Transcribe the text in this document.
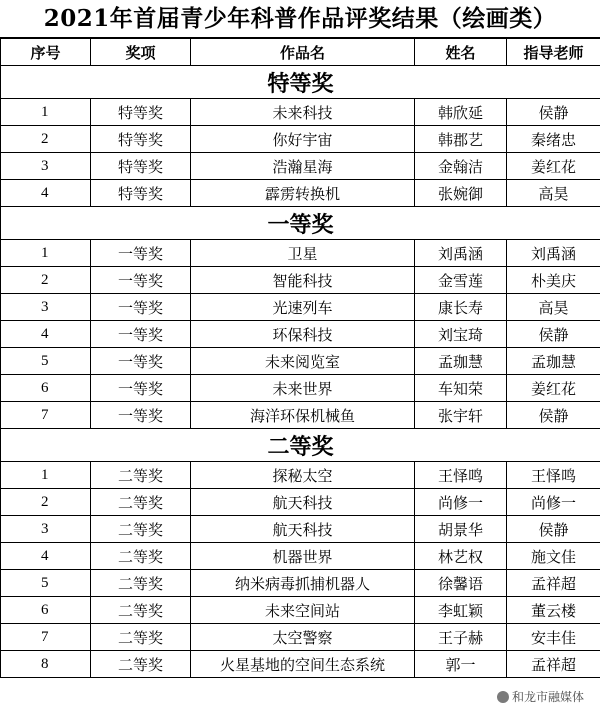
2021年首届青少年科普作品评奖结果（绘画类）
序号	奖项	作品名	姓名	指导老师
特等奖				
1	特等奖	未来科技	韩欣延	侯静
2	特等奖	你好宇宙	韩郡艺	秦绪忠
3	特等奖	浩瀚星海	金翰洁	姜红花
4	特等奖	霹雳转换机	张婉御	高昊
一等奖				
1	一等奖	卫星	刘禹涵	刘禹涵
2	一等奖	智能科技	金雪莲	朴美庆
3	一等奖	光速列车	康长寿	高昊
4	一等奖	环保科技	刘宝琦	侯静
5	一等奖	未来阅览室	孟珈慧	孟珈慧
6	一等奖	未来世界	车知荣	姜红花
7	一等奖	海洋环保机械鱼	张宇轩	侯静
二等奖				
1	二等奖	探秘太空	王怿鸣	王怿鸣
2	二等奖	航天科技	尚修一	尚修一
3	二等奖	航天科技	胡景华	侯静
4	二等奖	机器世界	林艺权	施文佳
5	二等奖	纳米病毒抓捕机器人	徐馨语	孟祥超
6	二等奖	未来空间站	李虹颖	董云楼
7	二等奖	太空警察	王子赫	安丰佳
8	二等奖	火星基地的空间生态系统	郭一	孟祥超
和龙市融媒体
